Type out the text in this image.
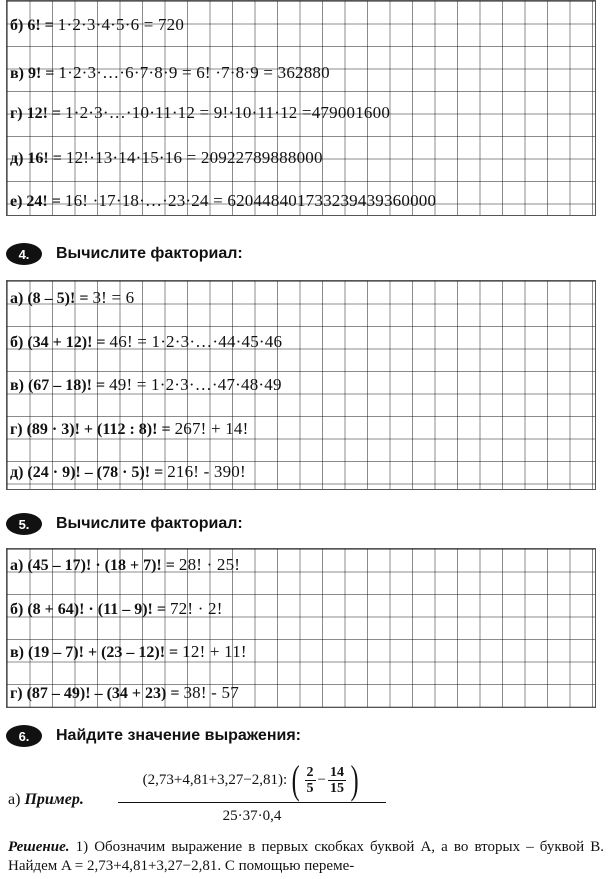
б) 6! = 1·2·3·4·5·6 = 720
в) 9! = 1·2·3·…·6·7·8·9 = 6! ·7·8·9 = 362880
г) 12! = 1·2·3·…·10·11·12 = 9!·10·11·12 =479001600
д) 16! = 12!·13·14·15·16 = 20922789888000
е) 24! = 16! ·17·18·…·23·24 = 620448401733239439360000
4.	Вычислите факториал:
а) (8 – 5)! = 3! = 6
б) (34 + 12)! = 46! = 1·2·3·…·44·45·46
в) (67 – 18)! = 49! = 1·2·3·…·47·48·49
г) (89 · 3)! + (112 : 8)! = 267! + 14!
д) (24 · 9)! – (78 · 5)! = 216! - 390!
5.	Вычислите факториал:
а) (45 – 17)! · (18 + 7)! = 28! · 25!
б) (8 + 64)! · (11 – 9)! = 72! · 2!
в) (19 – 7)! + (23 – 12)! = 12! + 11!
г) (87 – 49)! – (34 + 23) = 38! - 57
6.	Найдите значение выражения:
а) Пример.
(2,73+4,81+3,27−2,81): ( 2
5
− 14
15 )
25·37·0,4
Решение. 1) Обозначим выражение в первых скобках буквой A, а во вторых – буквой B. Найдем A = 2,73+4,81+3,27−2,81. С помощью переме-
